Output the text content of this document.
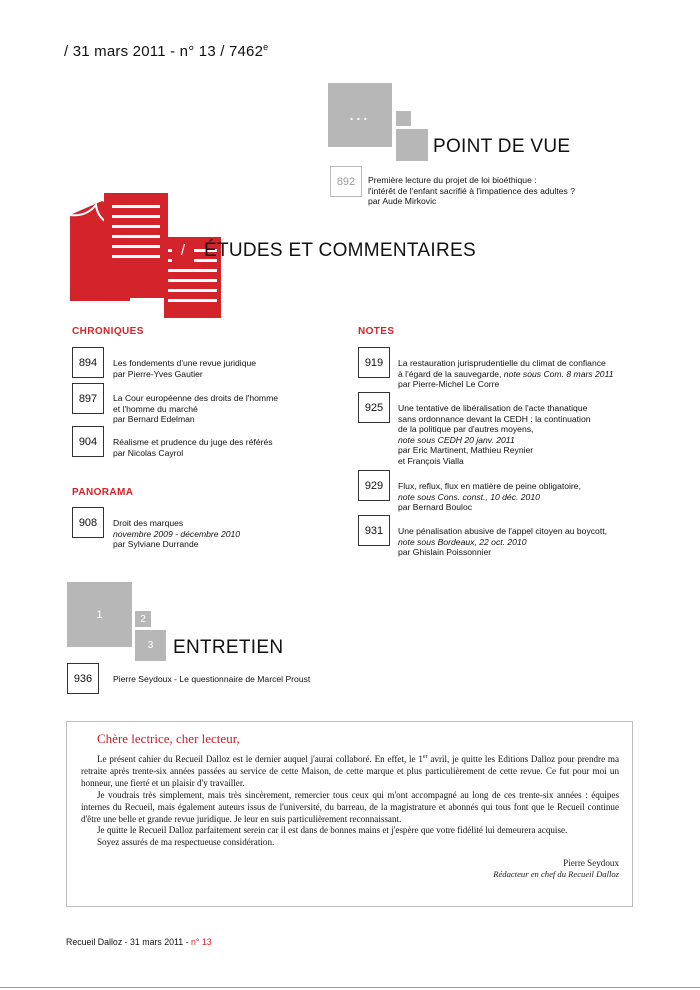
/ 31 mars 2011 - n° 13 / 7462e
...
POINT DE VUE
892	Première lecture du projet de loi bioéthique :
l'intérêt de l'enfant sacrifié à l'impatience des adultes ?
par Aude Mirkovic
/ ÉTUDES ET COMMENTAIRES
CHRONIQUES
894	Les fondements d'une revue juridique
par Pierre-Yves Gautier
897	La Cour européenne des droits de l'homme
et l'homme du marché
par Bernard Edelman
904	Réalisme et prudence du juge des référés
par Nicolas Cayrol
PANORAMA
908	Droit des marques
novembre 2009 - décembre 2010
par Sylviane Durrande
NOTES
919	La restauration jurisprudentielle du climat de confiance
à l'égard de la sauvegarde, note sous Com. 8 mars 2011
par Pierre-Michel Le Corre
925	Une tentative de libéralisation de l'acte thanatique
sans ordonnance devant la CEDH : la continuation
de la politique par d'autres moyens,
note sous CEDH 20 janv. 2011
par Eric Martinent, Mathieu Reynier
et François Vialla
929	Flux, reflux, flux en matière de peine obligatoire,
note sous Cons. const., 10 déc. 2010
par Bernard Bouloc
931	Une pénalisation abusive de l'appel citoyen au boycott,
note sous Bordeaux, 22 oct. 2010
par Ghislain Poissonnier
1	2
3	ENTRETIEN
936	Pierre Seydoux - Le questionnaire de Marcel Proust
Chère lectrice, cher lecteur,

Le présent cahier du Recueil Dalloz est le dernier auquel j'aurai collaboré. En effet, le 1er avril, je quitte les Editions Dalloz pour prendre ma retraite après trente-six années passées au service de cette Maison, de cette marque et plus particulièrement de cette revue. Ce fut pour moi un honneur, une fierté et un plaisir d'y travailler.

Je voudrais très simplement, mais très sincèrement, remercier tous ceux qui m'ont accompagné au long de ces trente-six années : équipes internes du Recueil, mais également auteurs issus de l'université, du barreau, de la magistrature et abonnés qui tous font que le Recueil continue d'être une belle et grande revue juridique. Je leur en suis particulièrement reconnaissant.

Je quitte le Recueil Dalloz parfaitement serein car il est dans de bonnes mains et j'espère que votre fidélité lui demeurera acquise.

Soyez assurés de ma respectueuse considération.

Pierre Seydoux
Rédacteur en chef du Recueil Dalloz
Recueil Dalloz - 31 mars 2011 - n° 13
